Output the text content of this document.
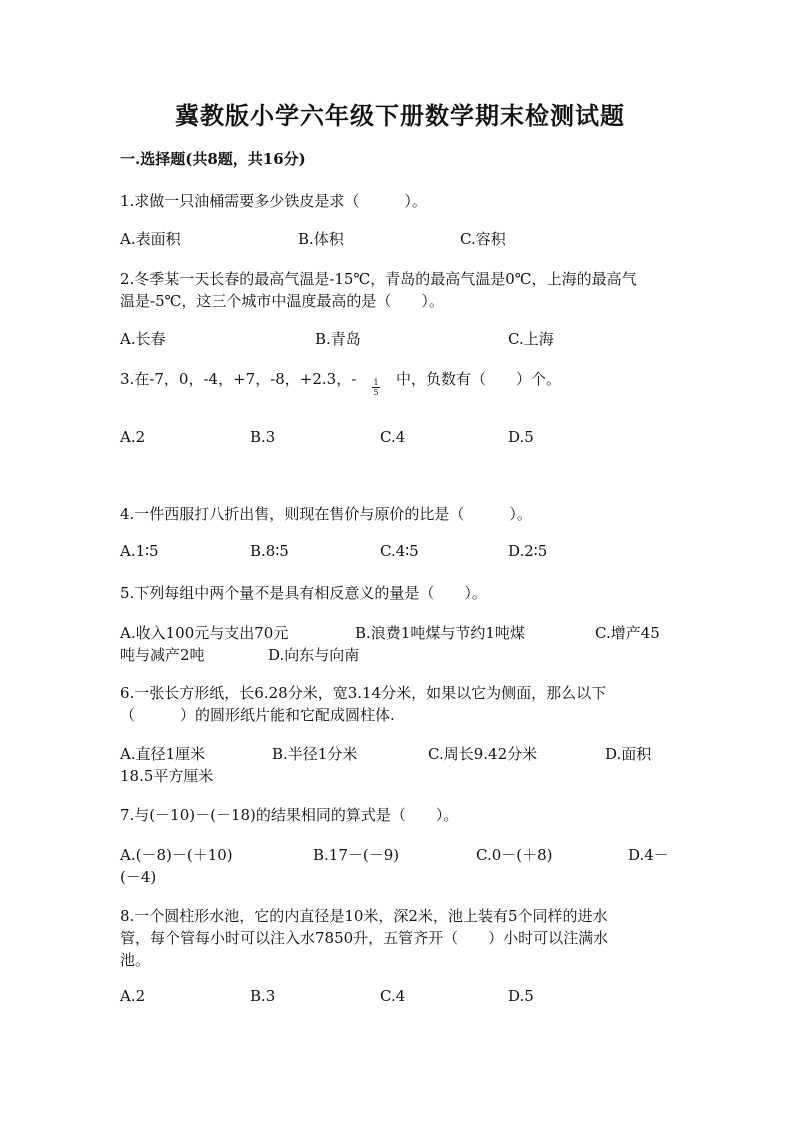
冀教版小学六年级下册数学期末检测试题
一.选择题(共8题，共16分)
1.求做一只油桶需要多少铁皮是求（　　　）。
A.表面积	B.体积	C.容积
2.冬季某一天长春的最高气温是-15℃，青岛的最高气温是0℃，上海的最高气
温是-5℃，这三个城市中温度最高的是（　　）。
A.长春	B.青岛	C.上海
3.在-7，0，-4，+7，-8，+2.3，- 1
5
中，负数有（　　）个。
A.2	B.3	C.4	D.5
4.一件西服打八折出售，则现在售价与原价的比是（　　　）。
A.1∶5	B.8∶5	C.4∶5	D.2∶5
5.下列每组中两个量不是具有相反意义的量是（　　）。
A.收入100元与支出70元	B.浪费1吨煤与节约1吨煤	C.增产45
吨与减产2吨	D.向东与向南
6.一张长方形纸，长6.28分米，宽3.14分米，如果以它为侧面，那么以下
（　　　）的圆形纸片能和它配成圆柱体.
A.直径1厘米	B.半径1分米	C.周长9.42分米	D.面积
18.5平方厘米
7.与(－10)－(－18)的结果相同的算式是（　　）。
A.(－8)－(＋10)	B.17－(－9)	C.0－(＋8)	D.4－
(－4)
8.一个圆柱形水池，它的内直径是10米，深2米，池上装有5个同样的进水
管，每个管每小时可以注入水7850升，五管齐开（　　）小时可以注满水
池。
A.2	B.3	C.4	D.5
